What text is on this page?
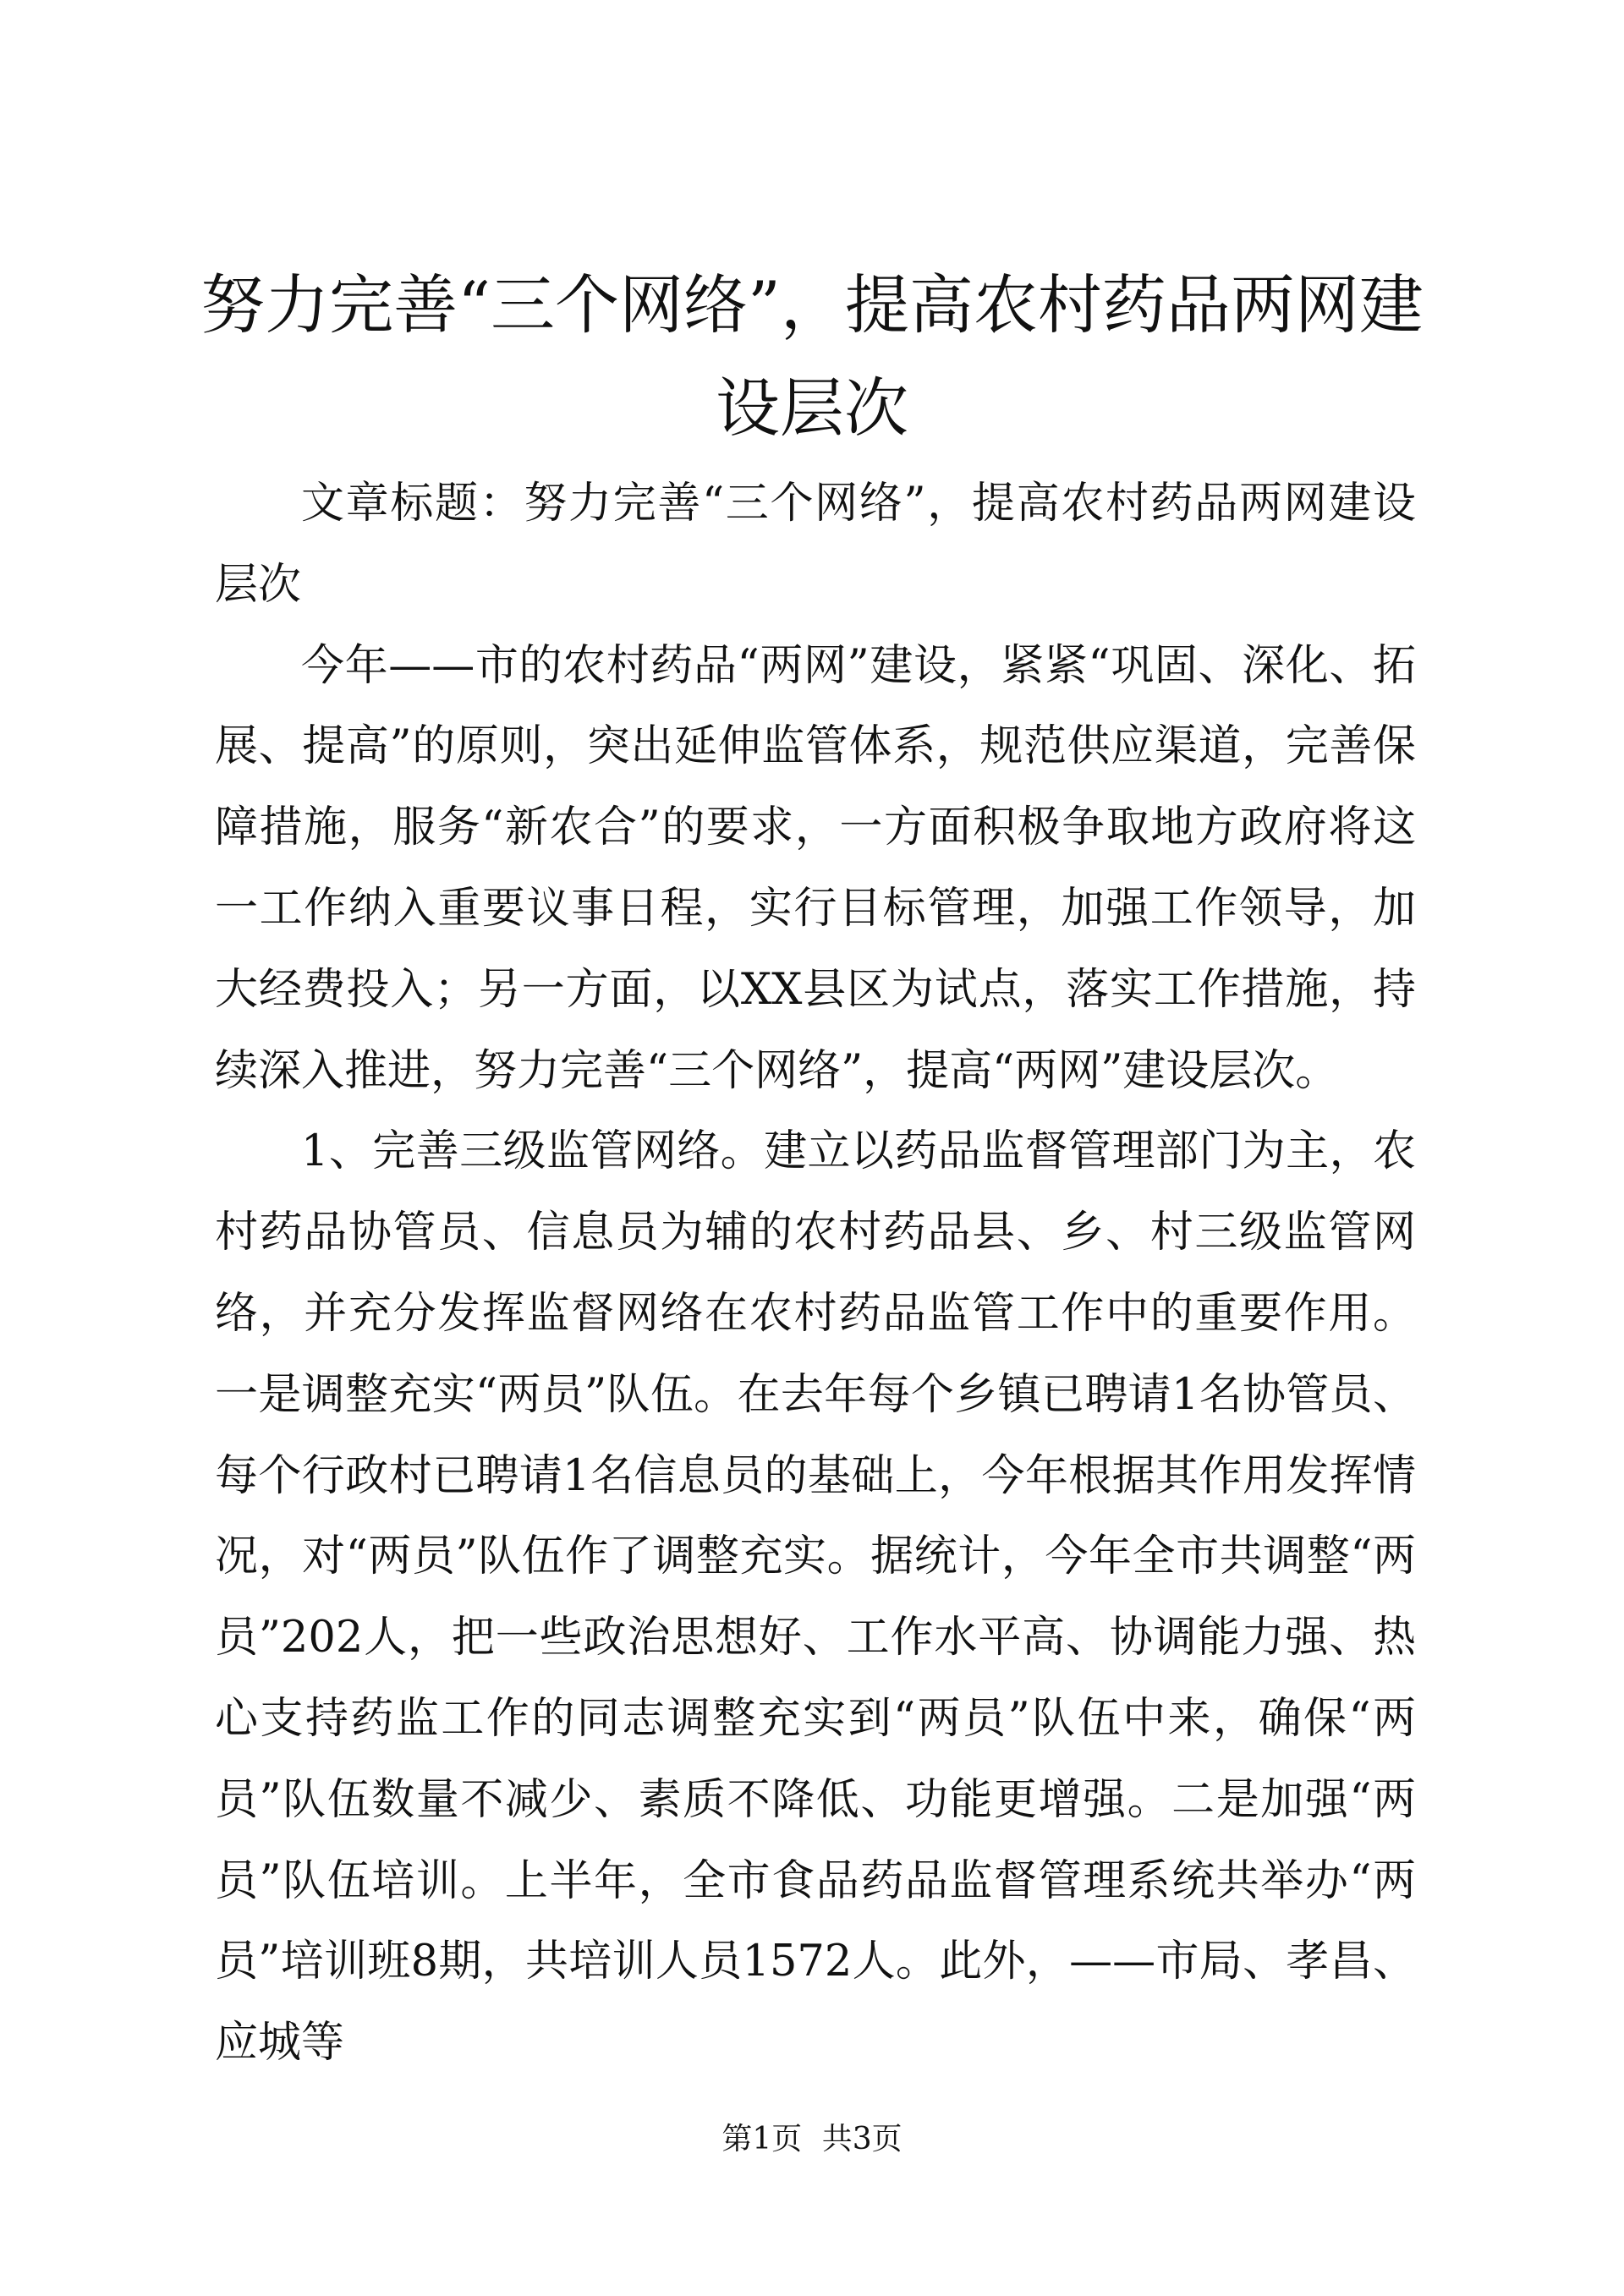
努力完善“三个网络”，提高农村药品两网建
设层次

文章标题：努力完善“三个网络”，提高农村药品两网建设层次

今年——市的农村药品“两网”建设，紧紧“巩固、深化、拓展、提高”的原则，突出延伸监管体系，规范供应渠道，完善保障措施，服务“新农合”的要求，一方面积极争取地方政府将这一工作纳入重要议事日程，实行目标管理，加强工作领导，加大经费投入；另一方面，以XX县区为试点，落实工作措施，持续深入推进，努力完善“三个网络”，提高“两网”建设层次。

1、完善三级监管网络。建立以药品监督管理部门为主，农村药品协管员、信息员为辅的农村药品县、乡、村三级监管网络，并充分发挥监督网络在农村药品监管工作中的重要作用。一是调整充实“两员”队伍。在去年每个乡镇已聘请1名协管员、每个行政村已聘请1名信息员的基础上，今年根据其作用发挥情况，对“两员”队伍作了调整充实。据统计，今年全市共调整“两员”202人，把一些政治思想好、工作水平高、协调能力强、热心支持药监工作的同志调整充实到“两员”队伍中来，确保“两员”队伍数量不减少、素质不降低、功能更增强。二是加强“两员”队伍培训。上半年，全市食品药品监督管理系统共举办“两员”培训班8期，共培训人员1572人。此外，——市局、孝昌、应城等

第1页 共3页
